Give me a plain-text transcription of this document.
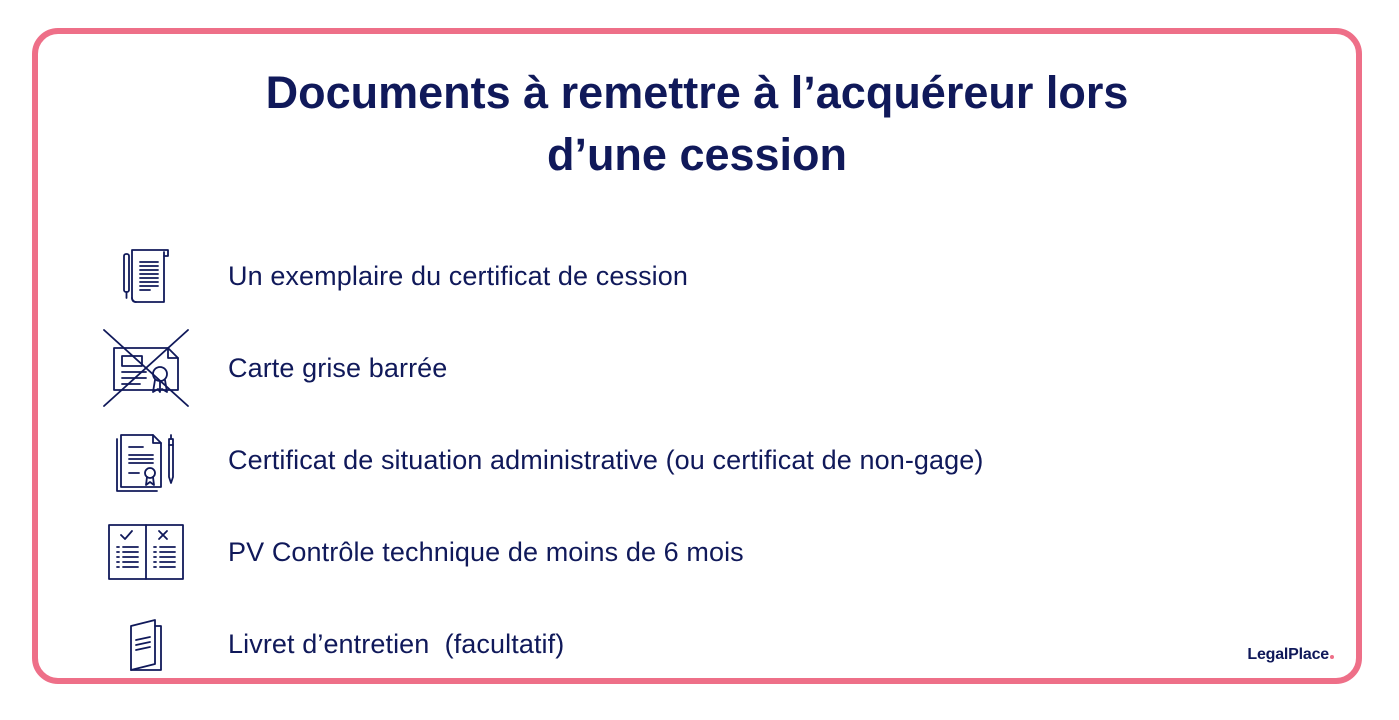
Documents à remettre à l’acquéreur lors
d’une cession
Un exemplaire du certificat de cession
Carte grise barrée
Certificat de situation administrative (ou certificat de non-gage)
PV Contrôle technique de moins de 6 mois
Livret d’entretien  (facultatif)	LegalPlace
